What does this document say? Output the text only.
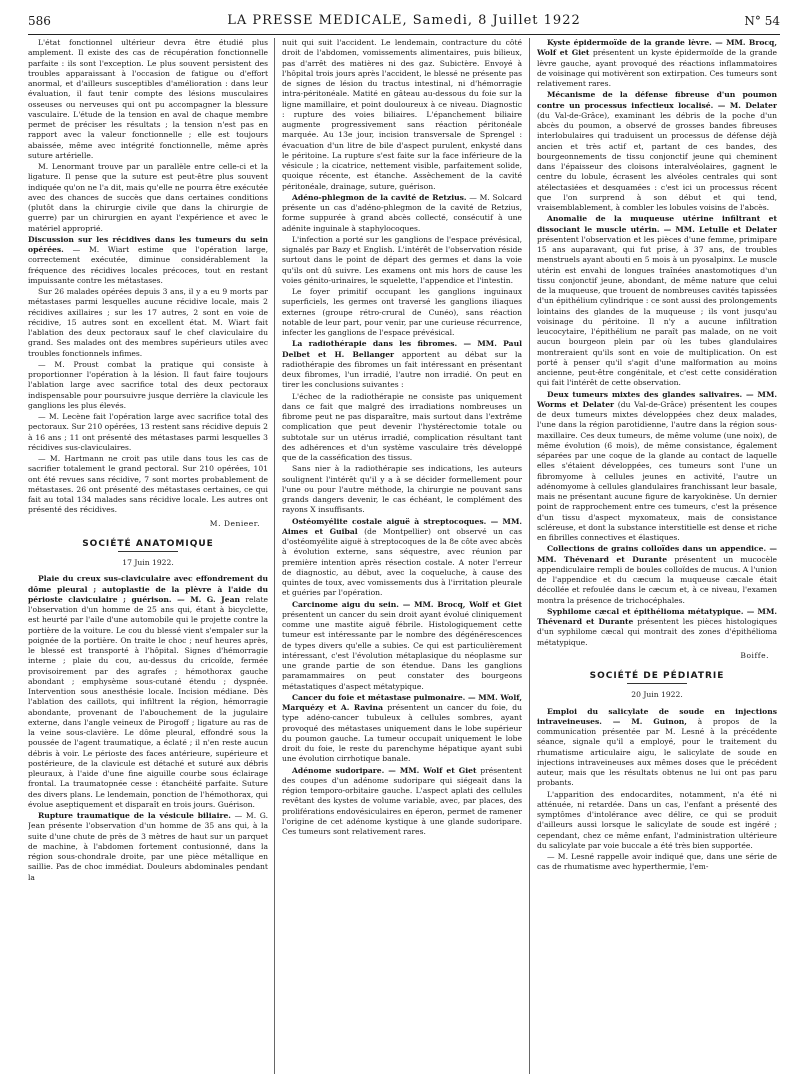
586	LA PRESSE MEDICALE, Samedi, 8 Juillet 1922	N° 54

L'état fonctionnel ultérieur devra être étudié plus amplement. Il existe des cas de récupération fonctionnelle parfaite : ils sont l'exception. Le plus souvent persistent des troubles apparaissant à l'occasion de fatigue ou d'effort anormal, et d'ailleurs susceptibles d'amélioration : dans leur évaluation, il faut tenir compte des lésions musculaires osseuses ou nerveuses qui ont pu accompagner la blessure vasculaire. L'étude de la tension en aval de chaque membre permet de préciser les résultats ; la tension n'est pas en rapport avec la valeur fonctionnelle ; elle est toujours abaissée, même avec intégrité fonctionnelle, même après suture artérielle.

M. Lenormant trouve par un parallèle entre celle-ci et la ligature. Il pense que la suture est peut-être plus souvent indiquée qu'on ne l'a dit, mais qu'elle ne pourra être exécutée avec des chances de succès que dans certaines conditions (plutôt dans la chirurgie civile que dans la chirurgie de guerre) par un chirurgien en ayant l'expérience et avec le matériel approprié.

Discussion sur les récidives dans les tumeurs du sein opérées. — M. Wiart estime que l'opération large, correctement exécutée, diminue considérablement la fréquence des récidives locales précoces, tout en restant impuissante contre les métastases.

Sur 26 malades opérées depuis 3 ans, il y a eu 9 morts par métastases parmi lesquelles aucune récidive locale, mais 2 récidives axillaires ; sur les 17 autres, 2 sont en voie de récidive, 15 autres sont en excellent état. M. Wiart fait l'ablation des deux pectoraux sauf le chef claviculaire du grand. Ses malades ont des membres supérieurs utiles avec troubles fonctionnels infimes.

— M. Proust combat la pratique qui consiste à proportionner l'opération à la lésion. Il faut faire toujours l'ablation large avec sacrifice total des deux pectoraux indispensable pour poursuivre jusque derrière la clavicule les ganglions les plus élevés.

— M. Lecène fait l'opération large avec sacrifice total des pectoraux. Sur 210 opérées, 13 restent sans récidive depuis 2 à 16 ans ; 11 ont présenté des métastases parmi lesquelles 3 récidives sus-claviculaires.

— M. Hartmann ne croit pas utile dans tous les cas de sacrifier totalement le grand pectoral. Sur 210 opérées, 101 ont été revues sans récidive, 7 sont mortes probablement de métastases. 26 ont présenté des métastases certaines, ce qui fait au total 134 malades sans récidive locale. Les autres ont présenté des récidives.

M. Denieer.
SOCIÉTÉ ANATOMIQUE
17 Juin 1922.

Plaie du creux sus-claviculaire avec effondrement du dôme pleural ; autoplastie de la plèvre à l'aide du périoste claviculaire ; guérison. — M. G. Jean relate l'observation d'un homme de 25 ans qui, étant à bicyclette, est heurté par l'aile d'une automobile qui le projette contre la portière de la voiture. Le cou du blessé vient s'empaler sur la poignée de la portière. On traite le choc ; neuf heures après, le blessé est transporté à l'hôpital. Signes d'hémorragie interne ; plaie du cou, au-dessus du cricoïde, fermée provisoirement par des agrafes ; hémothorax gauche abondant ; emphysème sous-cutané étendu ; dyspnée. Intervention sous anesthésie locale. Incision médiane. Dès l'ablation des caillots, qui infiltrent la région, hémorragie abondante, provenant de l'abouchement de la jugulaire externe, dans l'angle veineux de Pirogoff ; ligature au ras de la veine sous-clavière. Le dôme pleural, effondré sous la poussée de l'agent traumatique, a éclaté ; il n'en reste aucun débris à voir. Le périoste des faces antérieure, supérieure et postérieure, de la clavicule est détaché et suturé aux débris pleuraux, à l'aide d'une fine aiguille courbe sous éclairage frontal. La traumatopnée cesse : étanchéité parfaite. Suture des divers plans. Le lendemain, ponction de l'hémothorax, qui évolue aseptiquement et disparaît en trois jours. Guérison.

Rupture traumatique de la vésicule biliaire. — M. G. Jean présente l'observation d'un homme de 35 ans qui, à la suite d'une chute de près de 3 mètres de haut sur un parquet de machine, à l'abdomen fortement contusionné, dans la région sous-chondrale droite, par une pièce métallique en saillie. Pas de choc immédiat. Douleurs abdominales pendant la

nuit qui suit l'accident. Le lendemain, contracture du côté droit de l'abdomen, vomissements alimentaires, puis bilieux, pas d'arrêt des matières ni des gaz. Subictère. Envoyé à l'hôpital trois jours après l'accident, le blessé ne présente pas de signes de lésion du tractus intestinal, ni d'hémorragie intra-péritonéale. Matité en gâteau au-dessous du foie sur la ligne mamillaire, et point douloureux à ce niveau. Diagnostic : rupture des voies biliaires. L'épanchement biliaire augmente progressivement sans réaction péritonéale marquée. Au 13e jour, incision transversale de Sprengel : évacuation d'un litre de bile d'aspect purulent, enkysté dans le péritoine. La rupture s'est faite sur la face inférieure de la vésicule ; la cicatrice, nettement visible, parfaitement solide, quoique récente, est étanche. Assèchement de la cavité péritonéale, drainage, suture, guérison.

Adéno-phlegmon de la cavité de Retzius. — M. Solcard présente un cas d'adéno-phlegmon de la cavité de Retzius, forme suppurée à grand abcès collecté, consécutif à une adénite inguinale à staphylocoques.

L'infection a porté sur les ganglions de l'espace prévésical, signalés par Bazy et English. L'intérêt de l'observation réside surtout dans le point de départ des germes et dans la voie qu'ils ont dû suivre. Les examens ont mis hors de cause les voies génito-urinaires, le squelette, l'appendice et l'intestin.

Le foyer primitif occupant les ganglions inguinaux superficiels, les germes ont traversé les ganglions iliaques externes (groupe rétro-crural de Cunéo), sans réaction notable de leur part, pour venir, par une curieuse récurrence, infecter les ganglions de l'espace prévésical.

La radiothérapie dans les fibromes. — MM. Paul Delbet et H. Bellanger apportent au débat sur la radiothérapie des fibromes un fait intéressant en présentant deux fibromes, l'un irradié, l'autre non irradié. On peut en tirer les conclusions suivantes :

L'échec de la radiothérapie ne consiste pas uniquement dans ce fait que malgré des irradiations nombreuses un fibrome peut ne pas disparaître, mais surtout dans l'extrême complication que peut devenir l'hystérectomie totale ou subtotale sur un utérus irradié, complication résultant tant des adhérences et d'un système vasculaire très développé que de la casséfication des tissus.

Sans nier à la radiothérapie ses indications, les auteurs soulignent l'intérêt qu'il y a à se décider formellement pour l'une ou pour l'autre méthode, la chirurgie ne pouvant sans grands dangers devenir, le cas échéant, le complément des rayons X insuffisants.

Ostéomyélite costale aiguë à streptocoques. — MM. Aimes et Guibal (de Montpellier) ont observé un cas d'ostéomyélite aiguë à streptocoques de la 8e côte avec abcès à évolution externe, sans séquestre, avec réunion par première intention après résection costale. A noter l'erreur de diagnostic, au début, avec la coqueluche, à cause des quintes de toux, avec vomissements dus à l'irritation pleurale et guéries par l'opération.

Carcinome aigu du sein. — MM. Brocq, Wolf et Giet présentent un cancer du sein droit ayant évolué cliniquement comme une mastite aiguë fébrile. Histologiquement cette tumeur est intéressante par le nombre des dégénérescences de types divers qu'elle a subies. Ce qui est particulièrement intéressant, c'est l'évolution métaplasique du néoplasme sur une grande partie de son étendue. Dans les ganglions paramammaires on peut constater des bourgeons métastatiques d'aspect métatypique.

Cancer du foie et métastase pulmonaire. — MM. Wolf, Marquézy et A. Ravina présentent un cancer du foie, du type adéno-cancer tubuleux à cellules sombres, ayant provoqué des métastases uniquement dans le lobe supérieur du poumon gauche. La tumeur occupait uniquement le lobe droit du foie, le reste du parenchyme hépatique ayant subi une évolution cirrhotique banale.

Adénome sudoripare. — MM. Wolf et Giet présentent des coupes d'un adénome sudoripare qui siégeait dans la région temporo-orbitaire gauche. L'aspect aplati des cellules revêtant des kystes de volume variable, avec, par places, des proliférations endovésiculaires en éperon, permet de ramener l'origine de cet adénome kystique à une glande sudoripare. Ces tumeurs sont relativement rares.

Kyste épidermoïde de la grande lèvre. — MM. Brocq, Wolf et Giet présentent un kyste épidermoïde de la grande lèvre gauche, ayant provoqué des réactions inflammatoires de voisinage qui motivèrent son extirpation. Ces tumeurs sont relativement rares.

Mécanisme de la défense fibreuse d'un poumon contre un processus infectieux localisé. — M. Delater (du Val-de-Grâce), examinant les débris de la poche d'un abcès du poumon, a observé de grosses bandes fibreuses interlobulaires qui traduisent un processus de défense déjà ancien et très actif et, partant de ces bandes, des bourgeonnements de tissu conjonctif jeune qui cheminent dans l'épaisseur des cloisons interalvéolaires, gagnent le centre du lobule, écrasent les alvéoles centrales qui sont atélectasiées et desquamées : c'est ici un processus récent que l'on surprend à son début et qui tend, vraisemblablement, à combler les lobules voisins de l'abcès.

Anomalie de la muqueuse utérine infiltrant et dissociant le muscle utérin. — MM. Letulle et Delater présentent l'observation et les pièces d'une femme, primipare 15 ans auparavant, qui fut prise, à 37 ans, de troubles menstruels ayant abouti en 5 mois à un pyosalpinx. Le muscle utérin est envahi de longues traînées anastomotiques d'un tissu conjonctif jeune, abondant, de même nature que celui de la muqueuse, que trouent de nombreuses cavités tapissées d'un épithélium cylindrique : ce sont aussi des prolongements lointains des glandes de la muqueuse ; ils vont jusqu'au voisinage du péritoine. Il n'y a aucune infiltration leucocytaire, l'épithélium ne paraît pas malade, on ne voit aucun bourgeon plein par où les tubes glandulaires montreraient qu'ils sont en voie de multiplication. On est porté à penser qu'il s'agit d'une malformation au moins ancienne, peut-être congénitale, et c'est cette considération qui fait l'intérêt de cette observation.

Deux tumeurs mixtes des glandes salivaires. — MM. Worms et Delater (du Val-de-Grâce) présentent les coupes de deux tumeurs mixtes développées chez deux malades, l'une dans la région parotidienne, l'autre dans la région sous-maxillaire. Ces deux tumeurs, de même volume (une noix), de même évolution (6 mois), de même consistance, également séparées par une coque de la glande au contact de laquelle elles s'étaient développées, ces tumeurs sont l'une un fibromyome à cellules jeunes en activité, l'autre un adénomyome à cellules glandulaires franchissant leur basale, mais ne présentant aucune figure de karyokinèse. Un dernier point de rapprochement entre ces tumeurs, c'est la présence d'un tissu d'aspect myxomateux, mais de consistance scléreuse, et dont la substance interstitielle est dense et riche en fibrilles connectives et élastiques.

Collections de grains colloïdes dans un appendice. — MM. Thévenard et Durante présentent un mucocèle appendiculaire rempli de boules colloïdes de mucus. A l'union de l'appendice et du cæcum la muqueuse cæcale était décollée et refoulée dans le cæcum et, à ce niveau, l'examen montra la présence de trichocéphales.

Syphilome cæcal et épithélioma métatypique. — MM. Thévenard et Durante présentent les pièces histologiques d'un syphilome cæcal qui montrait des zones d'épithélioma métatypique.

Boiffe.
SOCIÉTÉ DE PÉDIATRIE
20 Juin 1922.

Emploi du salicylate de soude en injections intraveineuses. — M. Guinon, à propos de la communication présentée par M. Lesné à la précédente séance, signale qu'il a employé, pour le traitement du rhumatisme articulaire aigu, le salicylate de soude en injections intraveineuses aux mêmes doses que le précédent auteur, mais que les résultats obtenus ne lui ont pas paru probants.

L'apparition des endocardites, notamment, n'a été ni atténuée, ni retardée. Dans un cas, l'enfant a présenté des symptômes d'intolérance avec délire, ce qui se produit d'ailleurs aussi lorsque le salicylate de soude est ingéré ; cependant, chez ce même enfant, l'administration ultérieure du salicylate par voie buccale a été très bien supportée.

— M. Lesné rappelle avoir indiqué que, dans une série de cas de rhumatisme avec hyperthermie, l'em-
